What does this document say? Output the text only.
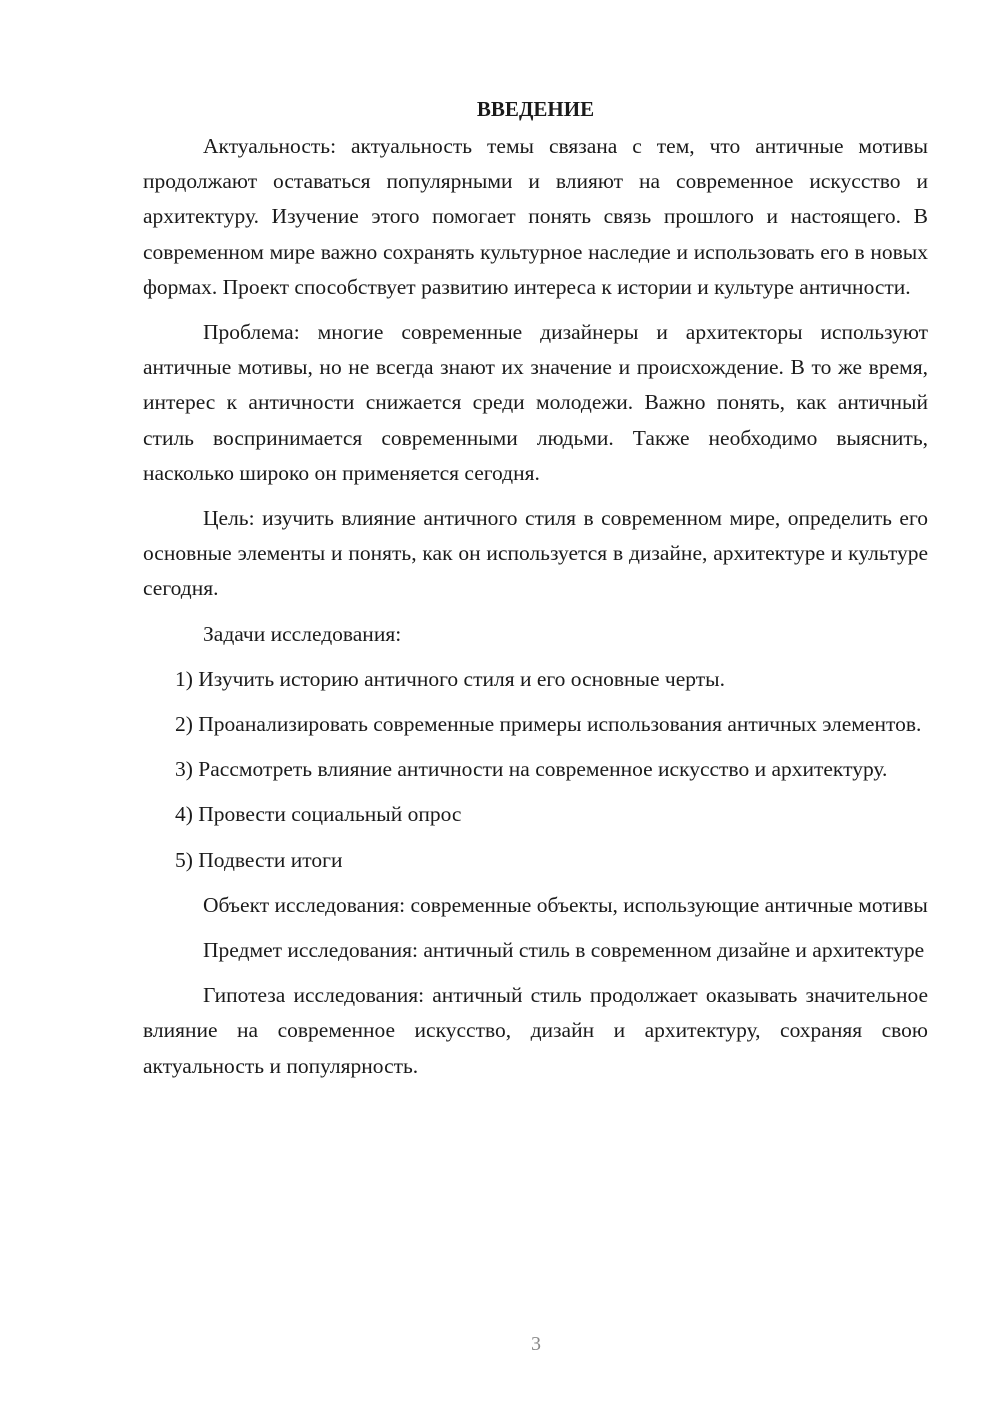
ВВЕДЕНИЕ

Актуальность: актуальность темы связана с тем, что античные мотивы продолжают оставаться популярными и влияют на современное искусство и архитектуру. Изучение этого помогает понять связь прошлого и настоящего. В современном мире важно сохранять культурное наследие и использовать его в новых формах. Проект способствует развитию интереса к истории и культуре античности.

Проблема: многие современные дизайнеры и архитекторы используют античные мотивы, но не всегда знают их значение и происхождение. В то же время, интерес к античности снижается среди молодежи. Важно понять, как античный стиль воспринимается современными людьми. Также необходимо выяснить, насколько широко он применяется сегодня.

Цель: изучить влияние античного стиля в современном мире, определить его основные элементы и понять, как он используется в дизайне, архитектуре и культуре сегодня.

Задачи исследования:

1) Изучить историю античного стиля и его основные черты.

2) Проанализировать современные примеры использования античных элементов.

3) Рассмотреть влияние античности на современное искусство и архитектуру.

4) Провести социальный опрос

5) Подвести итоги

Объект исследования: современные объекты, использующие античные мотивы

Предмет исследования: античный стиль в современном дизайне и архитектуре

Гипотеза исследования: античный стиль продолжает оказывать значительное влияние на современное искусство, дизайн и архитектуру, сохраняя свою актуальность и популярность.

3
